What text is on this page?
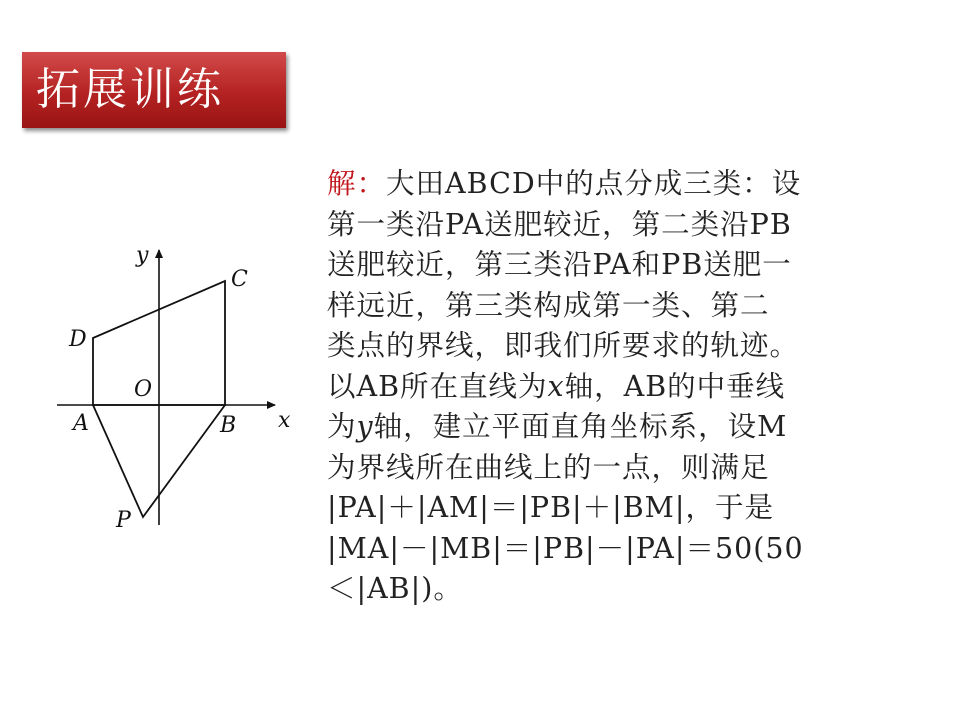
拓展训练
y
C
D
O
A	B x
P
解：大田ABCD中的点分成三类：设
第一类沿PA送肥较近，第二类沿PB
送肥较近，第三类沿PA和PB送肥一
样远近，第三类构成第一类、第二
类点的界线，即我们所要求的轨迹。
以AB所在直线为x轴，AB的中垂线
为y轴，建立平面直角坐标系，设M
为界线所在曲线上的一点，则满足
|PA|＋|AM|＝|PB|＋|BM|，于是
|MA|－|MB|＝|PB|－|PA|＝50(50
＜|AB|)。
